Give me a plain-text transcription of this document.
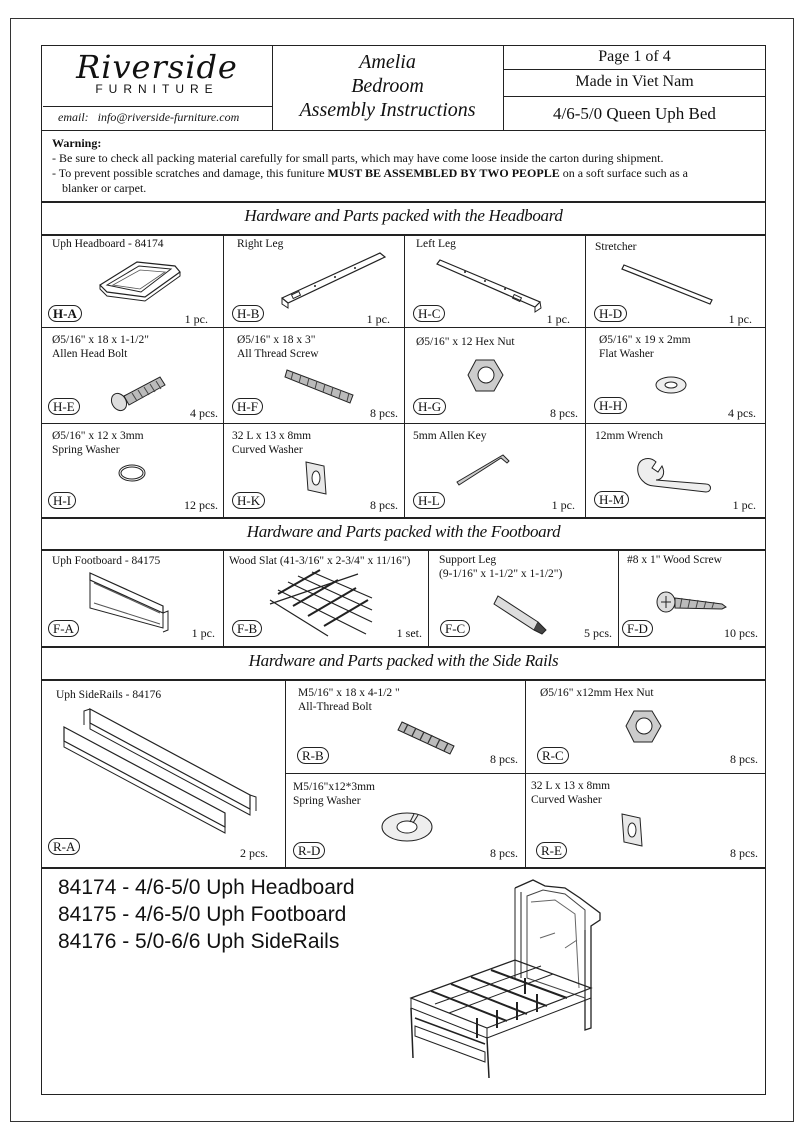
Riverside
FURNITURE
email: info@riverside-furniture.com
Amelia
Bedroom
Assembly Instructions
Page 1 of 4
Made in Viet Nam
4/6-5/0 Queen Uph Bed
Warning:
- Be sure to check all packing material carefully for small parts, which may have come loose inside the carton during shipment.
- To prevent possible scratches and damage, this funiture MUST BE ASSEMBLED BY TWO PEOPLE on a soft surface such as a
blanker or carpet.
Hardware and Parts packed with the Headboard
Uph Headboard - 84174
H-A	1 pc.
Right Leg
H-B	1 pc.
Left Leg
H-C	1 pc.
Stretcher
H-D	1 pc.
Ø5/16" x 18 x 1-1/2"
Allen Head Bolt
H-E	4 pcs.
Ø5/16" x 18 x 3"
All Thread Screw
H-F	8 pcs.
Ø5/16" x 12 Hex Nut
H-G	8 pcs.
Ø5/16" x 19 x 2mm
Flat Washer
H-H	4 pcs.
Ø5/16" x 12 x 3mm
Spring Washer
H-I	12 pcs.
32 L x 13 x 8mm
Curved Washer
H-K	8 pcs.
5mm Allen Key
H-L	1 pc.
12mm Wrench
H-M	1 pc.
Hardware and Parts packed with the Footboard
Uph Footboard - 84175
F-A	1 pc.
Wood Slat (41-3/16" x 2-3/4" x 11/16")
F-B	1 set.
Support Leg
(9-1/16" x 1-1/2" x 1-1/2")
F-C	5 pcs.
#8 x 1" Wood Screw
F-D	10 pcs.
Hardware and Parts packed with the Side Rails
Uph SideRails - 84176
R-A	2 pcs.
M5/16" x 18 x 4-1/2 "
All-Thread Bolt
R-B	8 pcs.
Ø5/16" x12mm Hex Nut
R-C	8 pcs.
M5/16"x12*3mm
Spring Washer
R-D	8 pcs.
32 L x 13 x 8mm
Curved Washer
R-E	8 pcs.
84174 - 4/6-5/0 Uph Headboard
84175 - 4/6-5/0 Uph Footboard
84176 - 5/0-6/6 Uph SideRails
